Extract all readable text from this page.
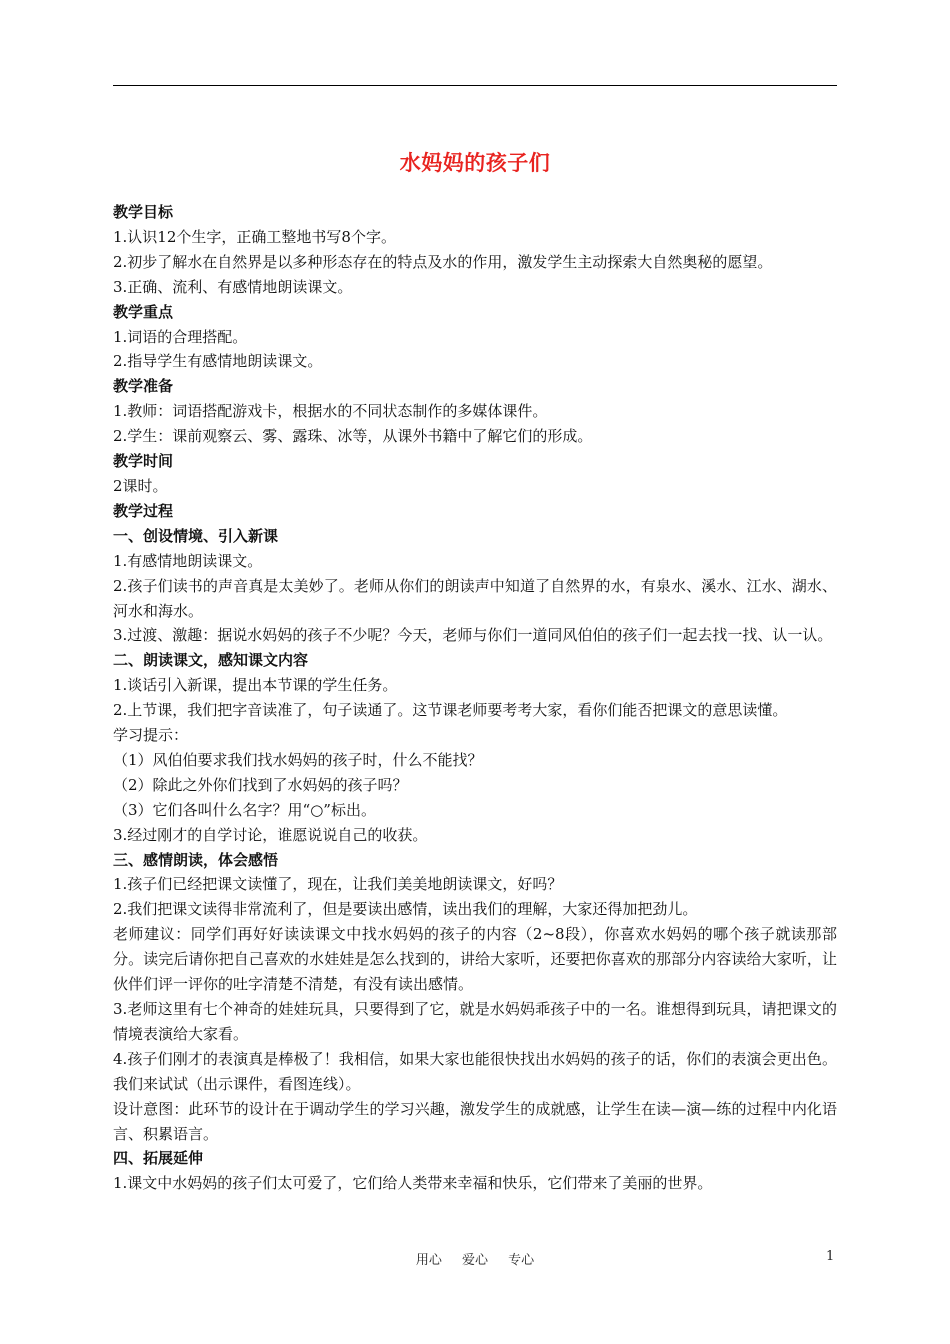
水妈妈的孩子们
教学目标
1.认识12个生字，正确工整地书写8个字。
2.初步了解水在自然界是以多种形态存在的特点及水的作用，激发学生主动探索大自然奥秘的愿望。
3.正确、流利、有感情地朗读课文。
教学重点
1.词语的合理搭配。
2.指导学生有感情地朗读课文。
教学准备
1.教师：词语搭配游戏卡，根据水的不同状态制作的多媒体课件。
2.学生：课前观察云、雾、露珠、冰等，从课外书籍中了解它们的形成。
教学时间
2课时。
教学过程
一、创设情境、引入新课
1.有感情地朗读课文。
2.孩子们读书的声音真是太美妙了。老师从你们的朗读声中知道了自然界的水，有泉水、溪水、江水、湖水、河水和海水。
3.过渡、激趣：据说水妈妈的孩子不少呢？今天，老师与你们一道同风伯伯的孩子们一起去找一找、认一认。
二、朗读课文，感知课文内容
1.谈话引入新课，提出本节课的学生任务。
2.上节课，我们把字音读准了，句子读通了。这节课老师要考考大家，看你们能否把课文的意思读懂。
学习提示：
（1）风伯伯要求我们找水妈妈的孩子时，什么不能找？
（2）除此之外你们找到了水妈妈的孩子吗？
（3）它们各叫什么名字？用“○”标出。
3.经过刚才的自学讨论，谁愿说说自己的收获。
三、感情朗读，体会感悟
1.孩子们已经把课文读懂了，现在，让我们美美地朗读课文，好吗？
2.我们把课文读得非常流利了，但是要读出感情，读出我们的理解，大家还得加把劲儿。
老师建议：同学们再好好读读课文中找水妈妈的孩子的内容（2~8段），你喜欢水妈妈的哪个孩子就读那部分。读完后请你把自己喜欢的水娃娃是怎么找到的，讲给大家听，还要把你喜欢的那部分内容读给大家听，让伙伴们评一评你的吐字清楚不清楚，有没有读出感情。
3.老师这里有七个神奇的娃娃玩具，只要得到了它，就是水妈妈乖孩子中的一名。谁想得到玩具，请把课文的情境表演给大家看。
4.孩子们刚才的表演真是棒极了！我相信，如果大家也能很快找出水妈妈的孩子的话，你们的表演会更出色。我们来试试（出示课件，看图连线）。
设计意图：此环节的设计在于调动学生的学习兴趣，激发学生的成就感，让学生在读—演—练的过程中内化语言、积累语言。
四、拓展延伸
1.课文中水妈妈的孩子们太可爱了，它们给人类带来幸福和快乐，它们带来了美丽的世界。
用心 爱心 专心	1
